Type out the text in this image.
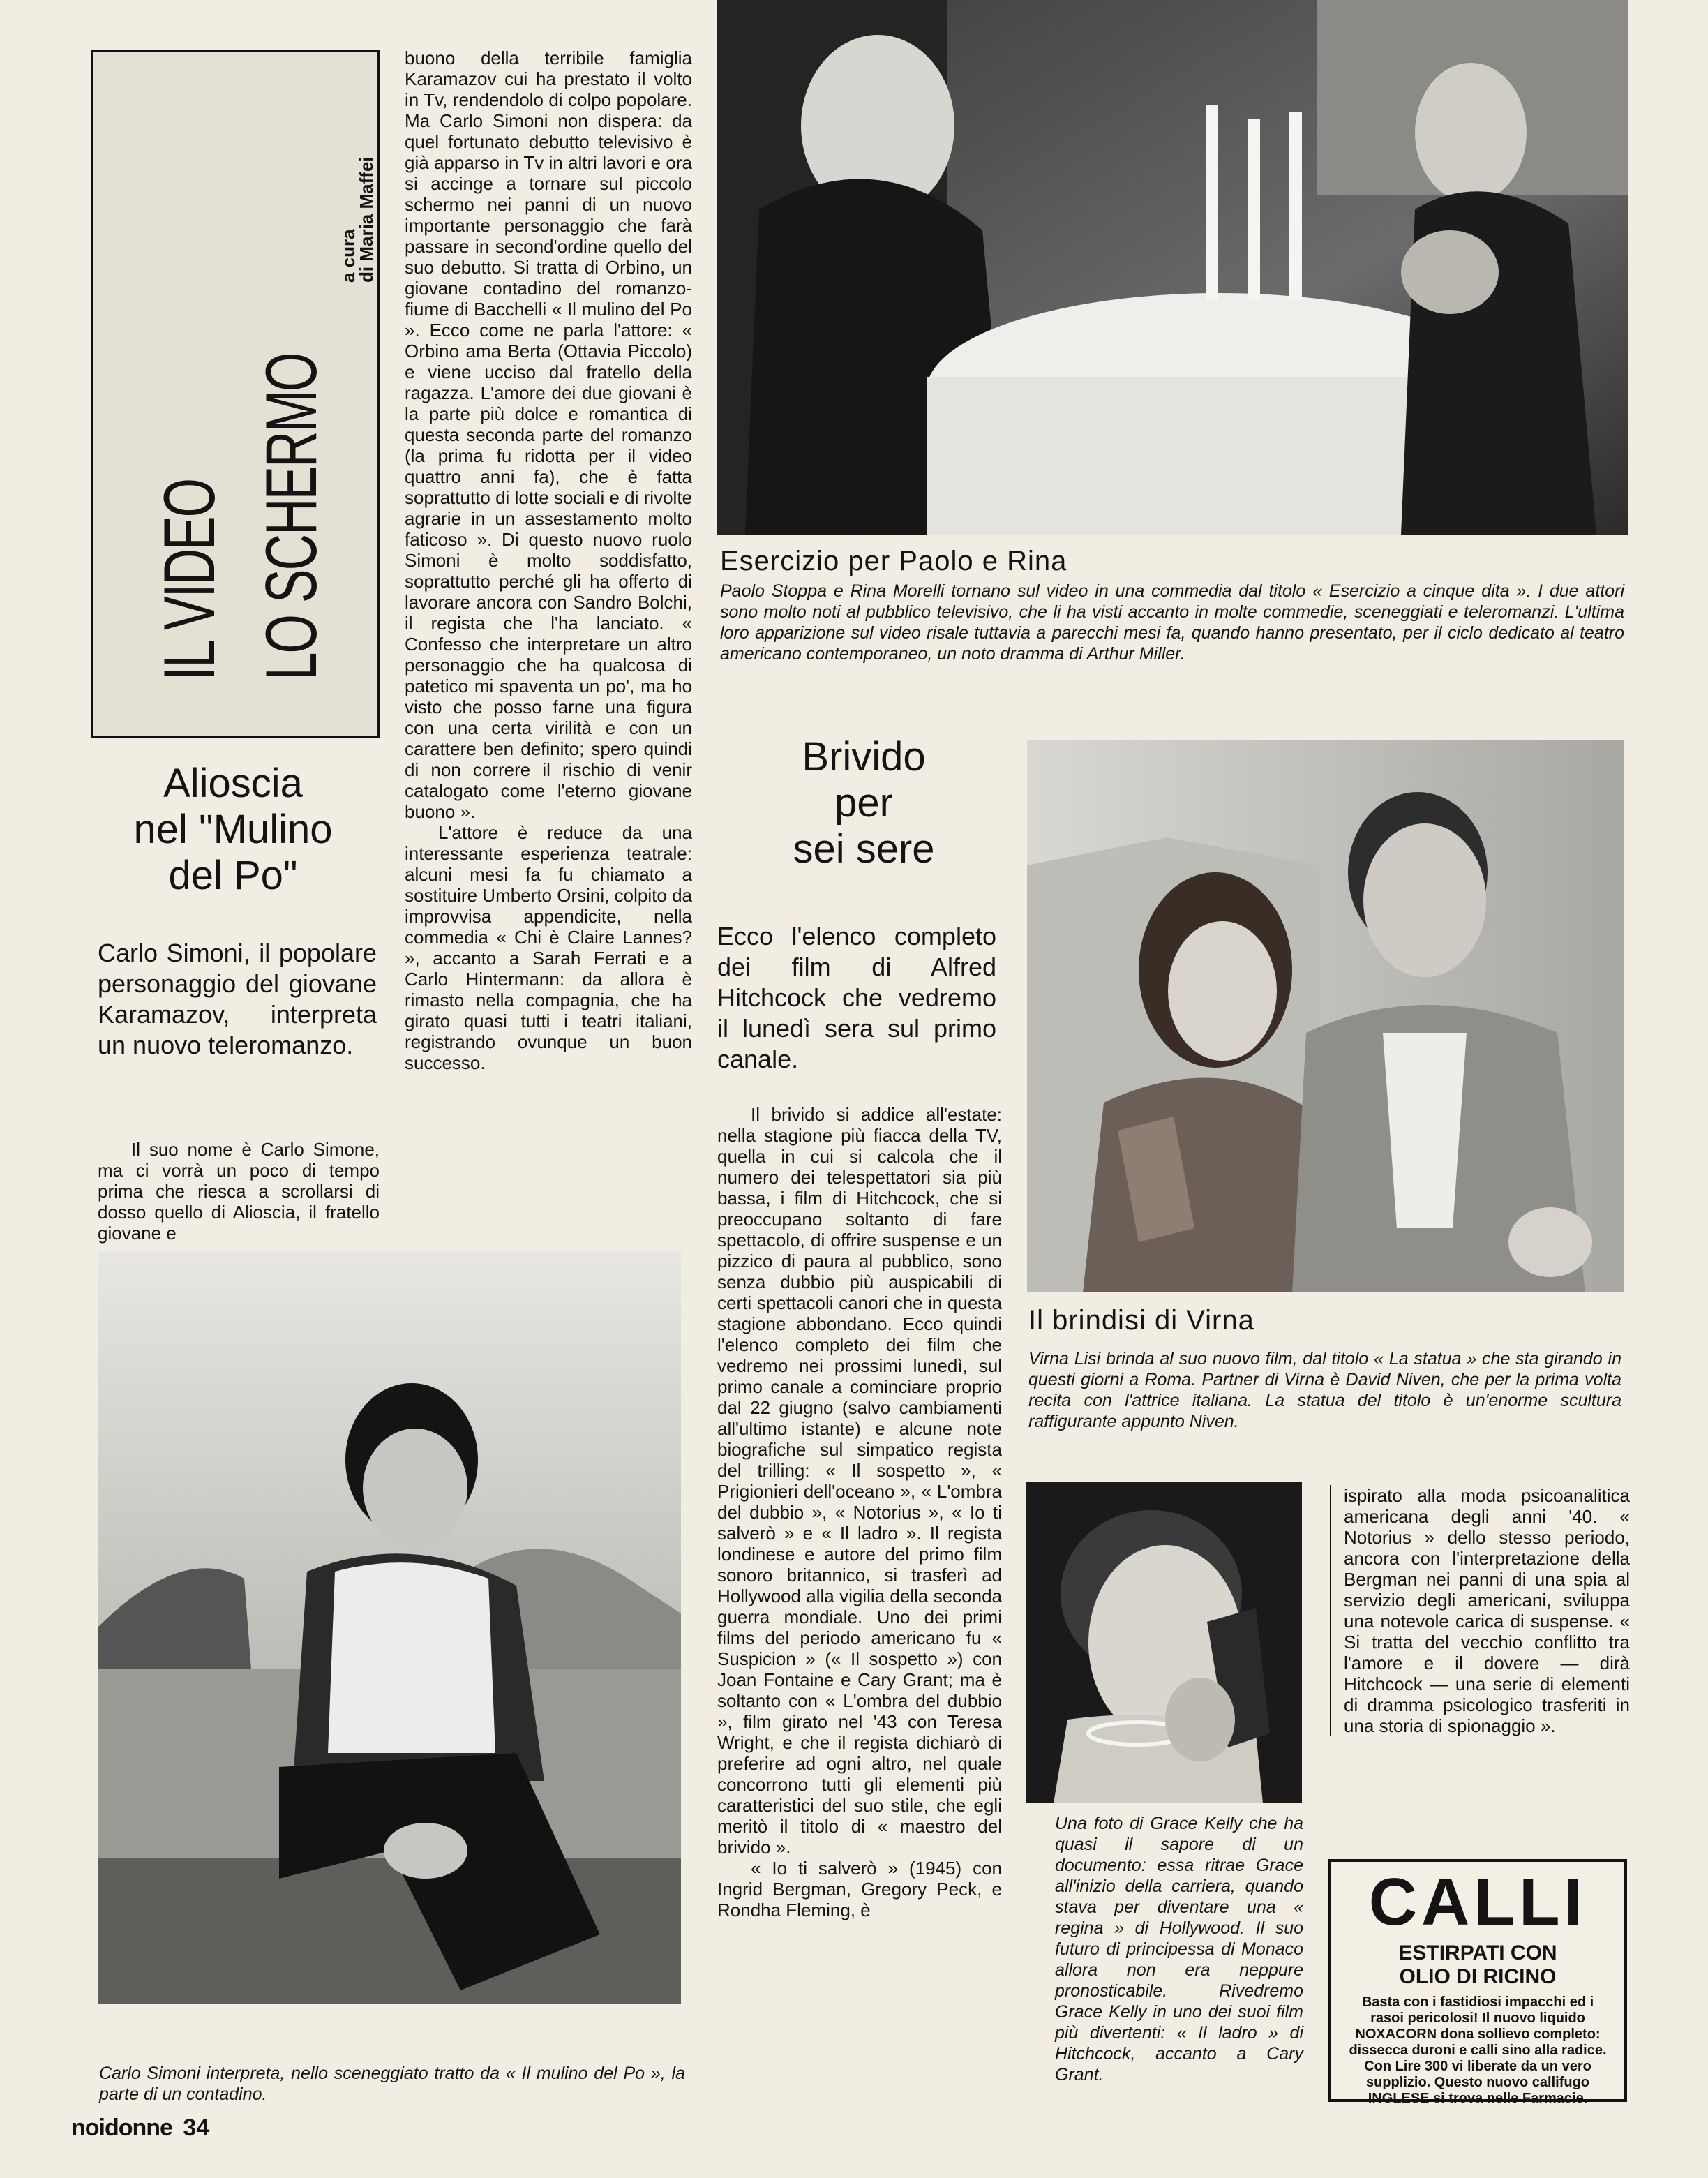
IL VIDEO LO SCHERMO
a cura
di Maria Maffei
Alioscia
nel "Mulino
del Po"
Carlo Simoni, il popolare personaggio del giovane Karamazov, interpreta un nuovo teleromanzo.

Il suo nome è Carlo Simone, ma ci vorrà un poco di tempo prima che riesca a scrollarsi di dosso quello di Alioscia, il fratello giovane e

buono della terribile famiglia Karamazov cui ha prestato il volto in Tv, rendendolo di colpo popolare. Ma Carlo Simoni non dispera: da quel fortunato debutto televisivo è già apparso in Tv in altri lavori e ora si accinge a tornare sul piccolo schermo nei panni di un nuovo importante personaggio che farà passare in second'ordine quello del suo debutto. Si tratta di Orbino, un giovane contadino del romanzo-fiume di Bacchelli « Il mulino del Po ». Ecco come ne parla l'attore: « Orbino ama Berta (Ottavia Piccolo) e viene ucciso dal fratello della ragazza. L'amore dei due giovani è la parte più dolce e romantica di questa seconda parte del romanzo (la prima fu ridotta per il video quattro anni fa), che è fatta soprattutto di lotte sociali e di rivolte agrarie in un assestamento molto faticoso ». Di questo nuovo ruolo Simoni è molto soddisfatto, soprattutto perché gli ha offerto di lavorare ancora con Sandro Bolchi, il regista che l'ha lanciato. « Confesso che interpretare un altro personaggio che ha qualcosa di patetico mi spaventa un po', ma ho visto che posso farne una figura con una certa virilità e con un carattere ben definito; spero quindi di non correre il rischio di venir catalogato come l'eterno giovane buono ».

L'attore è reduce da una interessante esperienza teatrale: alcuni mesi fa fu chiamato a sostituire Umberto Orsini, colpito da improvvisa appendicite, nella commedia « Chi è Claire Lannes? », accanto a Sarah Ferrati e a Carlo Hintermann: da allora è rimasto nella compagnia, che ha girato quasi tutti i teatri italiani, registrando ovunque un buon successo.

Esercizio per Paolo e Rina
Paolo Stoppa e Rina Morelli tornano sul video in una commedia dal titolo « Esercizio a cinque dita ». I due attori sono molto noti al pubblico televisivo, che li ha visti accanto in molte commedie, sceneggiati e teleromanzi. L'ultima loro apparizione sul video risale tuttavia a parecchi mesi fa, quando hanno presentato, per il ciclo dedicato al teatro americano contemporaneo, un noto dramma di Arthur Miller.
Brivido
per
sei sere
Ecco l'elenco completo dei film di Alfred Hitchcock che vedremo il lunedì sera sul primo canale.

Il brivido si addice all'estate: nella stagione più fiacca della TV, quella in cui si calcola che il numero dei telespettatori sia più bassa, i film di Hitchcock, che si preoccupano soltanto di fare spettacolo, di offrire suspense e un pizzico di paura al pubblico, sono senza dubbio più auspicabili di certi spettacoli canori che in questa stagione abbondano. Ecco quindi l'elenco completo dei film che vedremo nei prossimi lunedì, sul primo canale a cominciare proprio dal 22 giugno (salvo cambiamenti all'ultimo istante) e alcune note biografiche sul simpatico regista del trilling: « Il sospetto », « Prigionieri dell'oceano », « L'ombra del dubbio », « Notorius », « Io ti salverò » e « Il ladro ». Il regista londinese e autore del primo film sonoro britannico, si trasferì ad Hollywood alla vigilia della seconda guerra mondiale. Uno dei primi films del periodo americano fu « Suspicion » (« Il sospetto ») con Joan Fontaine e Cary Grant; ma è soltanto con « L'ombra del dubbio », film girato nel '43 con Teresa Wright, e che il regista dichiarò di preferire ad ogni altro, nel quale concorrono tutti gli elementi più caratteristici del suo stile, che egli meritò il titolo di « maestro del brivido ».

« Io ti salverò » (1945) con Ingrid Bergman, Gregory Peck, e Rondha Fleming, è

Carlo Simoni interpreta, nello sceneggiato tratto da « Il mulino del Po », la parte di un contadino.
Il brindisi di Virna
Virna Lisi brinda al suo nuovo film, dal titolo « La statua » che sta girando in questi giorni a Roma. Partner di Virna è David Niven, che per la prima volta recita con l'attrice italiana. La statua del titolo è un'enorme scultura raffigurante appunto Niven.
Una foto di Grace Kelly che ha quasi il sapore di un documento: essa ritrae Grace all'inizio della carriera, quando stava per diventare una « regina » di Hollywood. Il suo futuro di principessa di Monaco allora non era neppure pronosticabile. Rivedremo Grace Kelly in uno dei suoi film più divertenti: « Il ladro » di Hitchcock, accanto a Cary Grant.

ispirato alla moda psicoanalitica americana degli anni '40. « Notorius » dello stesso periodo, ancora con l'interpretazione della Bergman nei panni di una spia al servizio degli americani, sviluppa una notevole carica di suspense. « Si tratta del vecchio conflitto tra l'amore e il dovere — dirà Hitchcock — una serie di elementi di dramma psicologico trasferiti in una storia di spionaggio ».

CALLI
ESTIRPATI CON
OLIO DI RICINO
Basta con i fastidiosi impacchi ed i rasoi pericolosi! Il nuovo liquido NOXACORN dona sollievo completo: dissecca duroni e calli sino alla radice. Con Lire 300 vi liberate da un vero supplizio. Questo nuovo callifugo INGLESE si trova nelle Farmacie.
noidonne 34
